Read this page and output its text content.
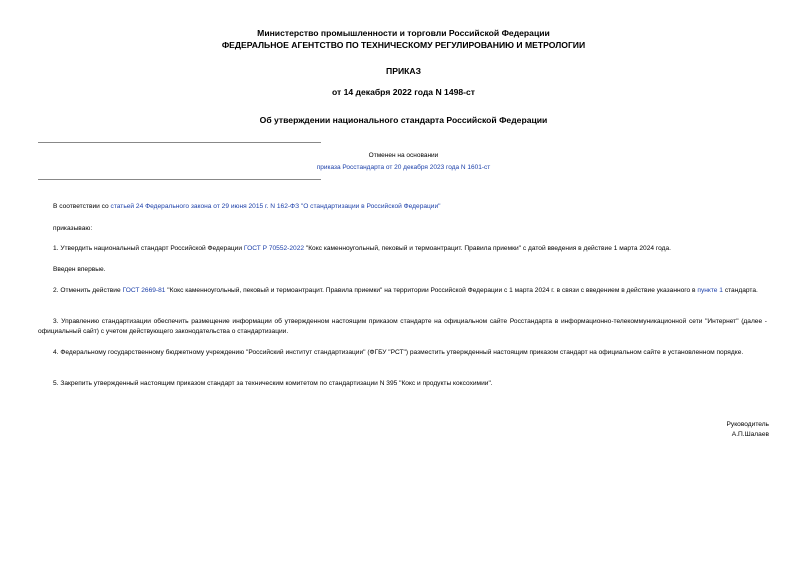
Министерство промышленности и торговли Российской Федерации
ФЕДЕРАЛЬНОЕ АГЕНТСТВО ПО ТЕХНИЧЕСКОМУ РЕГУЛИРОВАНИЮ И МЕТРОЛОГИИ
ПРИКАЗ
от 14 декабря 2022 года N 1498-ст
Об утверждении национального стандарта Российской Федерации
Отменен на основании
приказа Росстандарта от 20 декабря 2023 года N 1601-ст
В соответствии со статьей 24 Федерального закона от 29 июня 2015 г. N 162-ФЗ "О стандартизации в Российской Федерации"
приказываю:
1. Утвердить национальный стандарт Российской Федерации ГОСТ Р 70552-2022 "Кокс каменноугольный, пековый и термоантрацит. Правила приемки" с датой введения в действие 1 марта 2024 года.
Введен впервые.
2. Отменить действие ГОСТ 2669-81 "Кокс каменноугольный, пековый и термоантрацит. Правила приемки" на территории Российской Федерации с 1 марта 2024 г. в связи с введением в действие указанного в пункте 1 стандарта.
3. Управлению стандартизации обеспечить размещение информации об утвержденном настоящим приказом стандарте на официальном сайте Росстандарта в информационно-телекоммуникационной сети "Интернет" (далее - официальный сайт) с учетом действующего законодательства о стандартизации.
4. Федеральному государственному бюджетному учреждению "Российский институт стандартизации" (ФГБУ "РСТ") разместить утвержденный настоящим приказом стандарт на официальном сайте в установленном порядке.
5. Закрепить утвержденный настоящим приказом стандарт за техническим комитетом по стандартизации N 395 "Кокс и продукты коксохимии".
Руководитель
А.П.Шалаев
